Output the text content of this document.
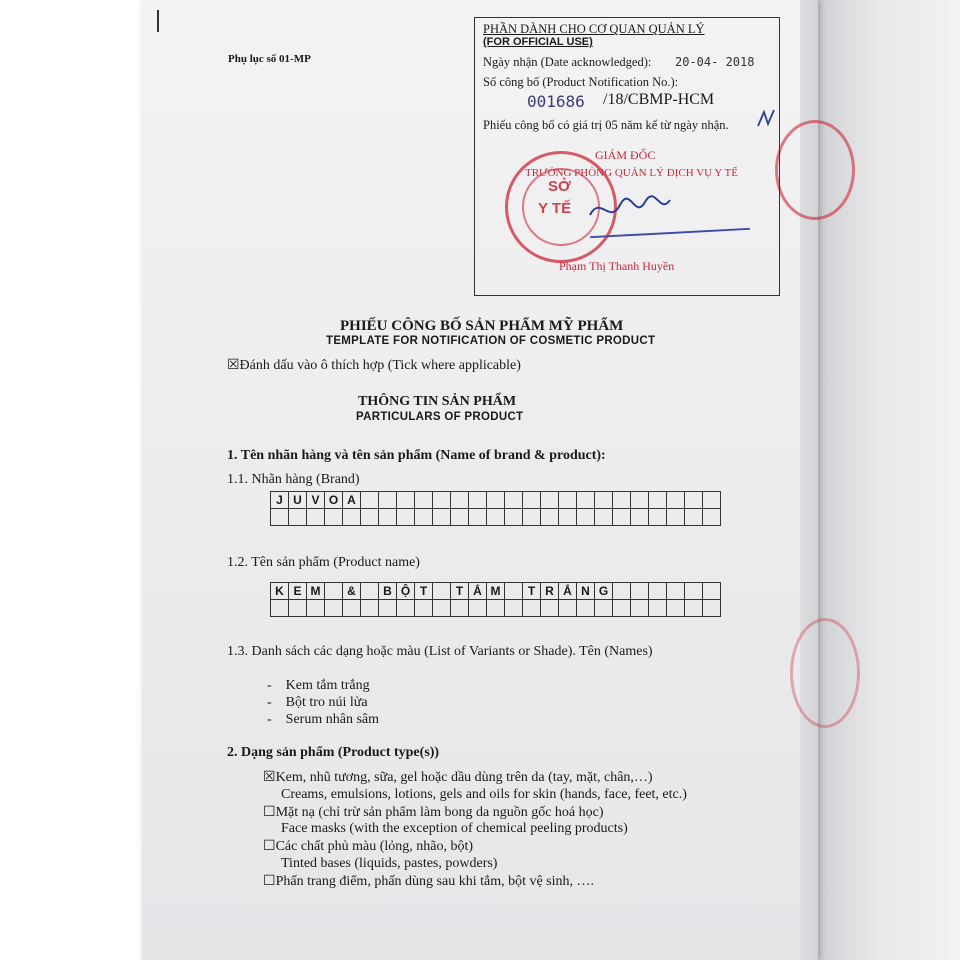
Phụ lục số 01-MP
PHẦN DÀNH CHO CƠ QUAN QUẢN LÝ
(FOR OFFICIAL USE)
Ngày nhận (Date acknowledged): 20-04- 2018
Số công bố (Product Notification No.):
001686 /18/CBMP-HCM
Phiếu công bố có giá trị 05 năm kể từ ngày nhận.
GIÁM ĐỐC
TRƯỞNG PHÒNG QUẢN LÝ DỊCH VỤ Y TẾ
Phạm Thị Thanh Huyền
SỞ
Y TẾ
PHIẾU CÔNG BỐ SẢN PHẨM MỸ PHẨM
TEMPLATE FOR NOTIFICATION OF COSMETIC PRODUCT
☒Đánh dấu vào ô thích hợp (Tick where applicable)
THÔNG TIN SẢN PHẨM
PARTICULARS OF PRODUCT
1. Tên nhãn hàng và tên sản phẩm (Name of brand & product):
1.1. Nhãn hàng (Brand)
J	U	V	O	A																				

1.2. Tên sản phẩm (Product name)
K	E	M		&		B	Ộ	T		T	Ắ	M		T	R	Ắ	N	G						

1.3. Danh sách các dạng hoặc màu (List of Variants or Shade). Tên (Names)
-    Kem tắm trắng
-    Bột tro núi lửa
-    Serum nhân sâm
2. Dạng sản phẩm (Product type(s))
☒Kem, nhũ tương, sữa, gel hoặc dầu dùng trên da (tay, mặt, chân,…)
Creams, emulsions, lotions, gels and oils for skin (hands, face, feet, etc.)
☐Mặt nạ (chỉ trừ sản phẩm làm bong da nguồn gốc hoá học)
Face masks (with the exception of chemical peeling products)
☐Các chất phủ màu (lỏng, nhão, bột)
Tinted bases (liquids, pastes, powders)
☐Phấn trang điểm, phấn dùng sau khi tắm, bột vệ sinh, ….
